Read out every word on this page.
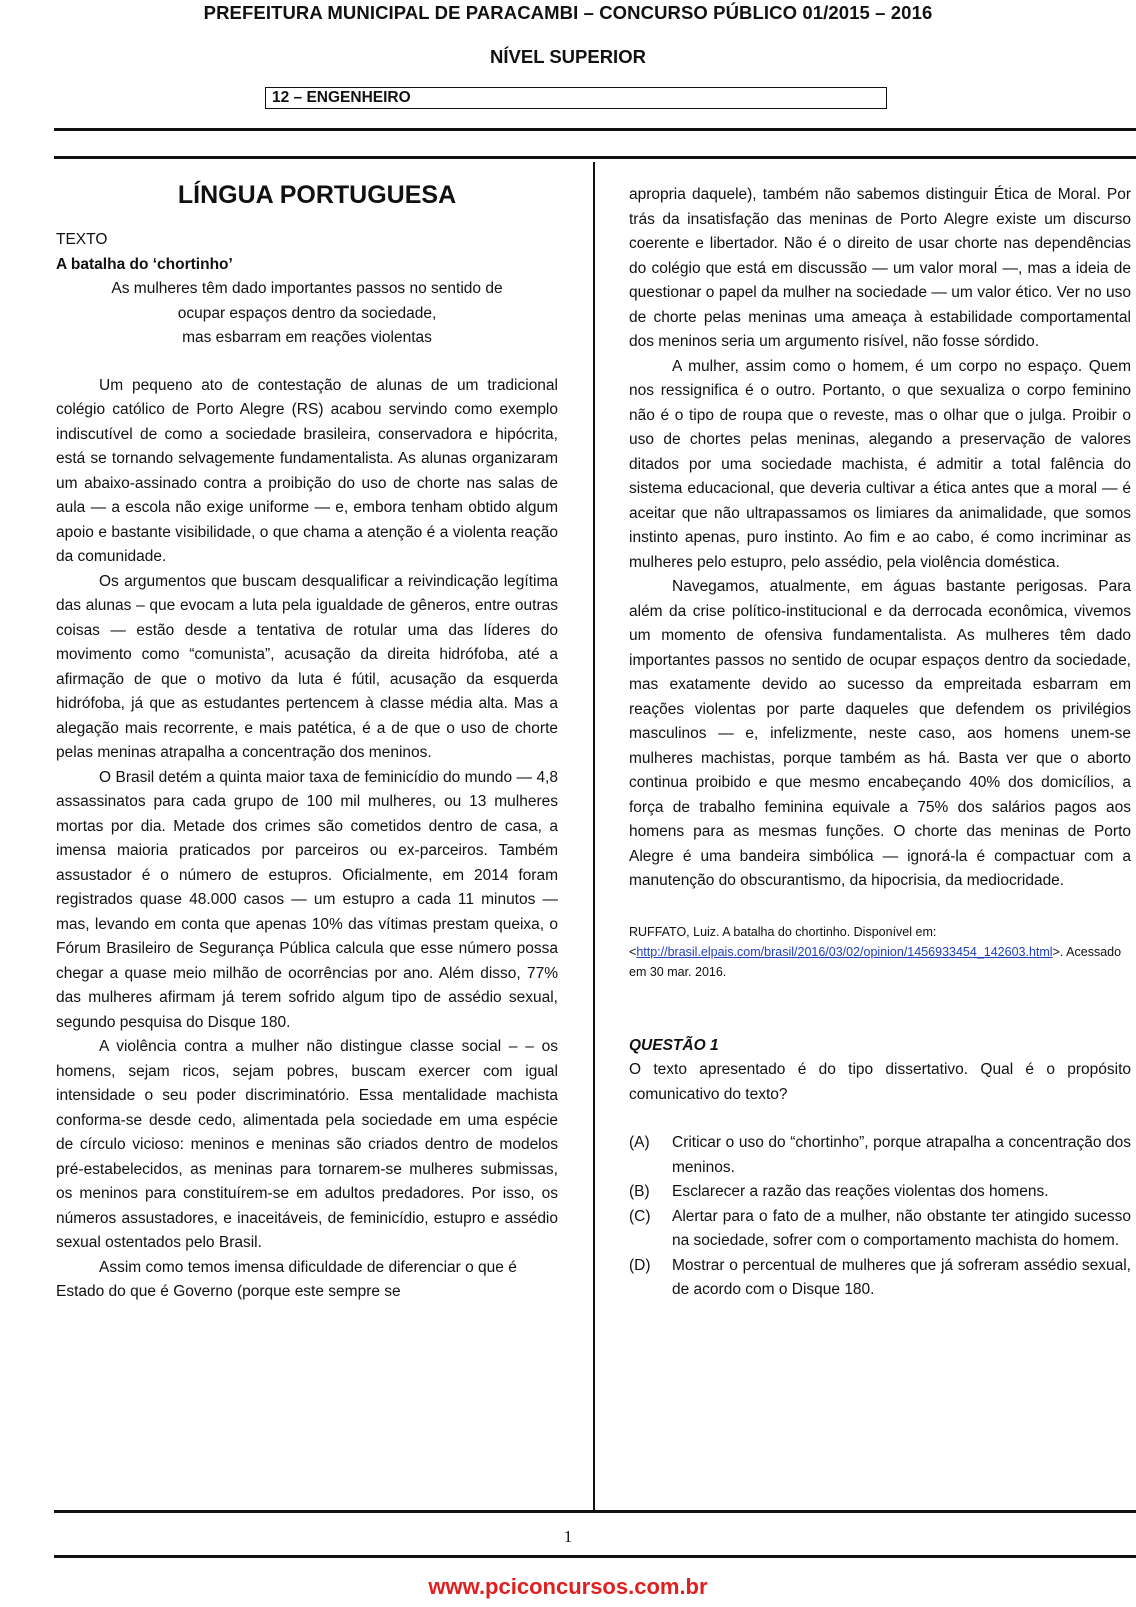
PREFEITURA MUNICIPAL DE PARACAMBI – CONCURSO PÚBLICO 01/2015 – 2016
NÍVEL SUPERIOR
12 – ENGENHEIRO
LÍNGUA PORTUGUESA

TEXTO

A batalha do ‘chortinho’

As mulheres têm dado importantes passos no sentido de
ocupar espaços dentro da sociedade,
mas esbarram em reações violentas

Um pequeno ato de contestação de alunas de um tradicional colégio católico de Porto Alegre (RS) acabou servindo como exemplo indiscutível de como a sociedade brasileira, conservadora e hipócrita, está se tornando selvagemente fundamentalista. As alunas organizaram um abaixo-assinado contra a proibição do uso de chorte nas salas de aula — a escola não exige uniforme — e, embora tenham obtido algum apoio e bastante visibilidade, o que chama a atenção é a violenta reação da comunidade.

Os argumentos que buscam desqualificar a reivindicação legítima das alunas – que evocam a luta pela igualdade de gêneros, entre outras coisas — estão desde a tentativa de rotular uma das líderes do movimento como “comunista”, acusação da direita hidrófoba, até a afirmação de que o motivo da luta é fútil, acusação da esquerda hidrófoba, já que as estudantes pertencem à classe média alta. Mas a alegação mais recorrente, e mais patética, é a de que o uso de chorte pelas meninas atrapalha a concentração dos meninos.

O Brasil detém a quinta maior taxa de feminicídio do mundo — 4,8 assassinatos para cada grupo de 100 mil mulheres, ou 13 mulheres mortas por dia. Metade dos crimes são cometidos dentro de casa, a imensa maioria praticados por parceiros ou ex-parceiros. Também assustador é o número de estupros. Oficialmente, em 2014 foram registrados quase 48.000 casos — um estupro a cada 11 minutos — mas, levando em conta que apenas 10% das vítimas prestam queixa, o Fórum Brasileiro de Segurança Pública calcula que esse número possa chegar a quase meio milhão de ocorrências por ano. Além disso, 77% das mulheres afirmam já terem sofrido algum tipo de assédio sexual, segundo pesquisa do Disque 180.

A violência contra a mulher não distingue classe social – – os homens, sejam ricos, sejam pobres, buscam exercer com igual intensidade o seu poder discriminatório. Essa mentalidade machista conforma-se desde cedo, alimentada pela sociedade em uma espécie de círculo vicioso: meninos e meninas são criados dentro de modelos pré-estabelecidos, as meninas para tornarem-se mulheres submissas, os meninos para constituírem-se em adultos predadores. Por isso, os números assustadores, e inaceitáveis, de feminicídio, estupro e assédio sexual ostentados pelo Brasil.

Assim como temos imensa dificuldade de diferenciar o que é Estado do que é Governo (porque este sempre se

apropria daquele), também não sabemos distinguir Ética de Moral. Por trás da insatisfação das meninas de Porto Alegre existe um discurso coerente e libertador. Não é o direito de usar chorte nas dependências do colégio que está em discussão — um valor moral —, mas a ideia de questionar o papel da mulher na sociedade — um valor ético. Ver no uso de chorte pelas meninas uma ameaça à estabilidade comportamental dos meninos seria um argumento risível, não fosse sórdido.

A mulher, assim como o homem, é um corpo no espaço. Quem nos ressignifica é o outro. Portanto, o que sexualiza o corpo feminino não é o tipo de roupa que o reveste, mas o olhar que o julga. Proibir o uso de chortes pelas meninas, alegando a preservação de valores ditados por uma sociedade machista, é admitir a total falência do sistema educacional, que deveria cultivar a ética antes que a moral — é aceitar que não ultrapassamos os limiares da animalidade, que somos instinto apenas, puro instinto. Ao fim e ao cabo, é como incriminar as mulheres pelo estupro, pelo assédio, pela violência doméstica.

Navegamos, atualmente, em águas bastante perigosas. Para além da crise político-institucional e da derrocada econômica, vivemos um momento de ofensiva fundamentalista. As mulheres têm dado importantes passos no sentido de ocupar espaços dentro da sociedade, mas exatamente devido ao sucesso da empreitada esbarram em reações violentas por parte daqueles que defendem os privilégios masculinos — e, infelizmente, neste caso, aos homens unem-se mulheres machistas, porque também as há. Basta ver que o aborto continua proibido e que mesmo encabeçando 40% dos domicílios, a força de trabalho feminina equivale a 75% dos salários pagos aos homens para as mesmas funções. O chorte das meninas de Porto Alegre é uma bandeira simbólica — ignorá-la é compactuar com a manutenção do obscurantismo, da hipocrisia, da mediocridade.

RUFFATO, Luiz. A batalha do chortinho. Disponível em:
<http://brasil.elpais.com/brasil/2016/03/02/opinion/1456933454_142603.html>. Acessado em 30 mar. 2016.
QUESTÃO 1
O texto apresentado é do tipo dissertativo. Qual é o propósito comunicativo do texto?
(A)	Criticar o uso do “chortinho”, porque atrapalha a concentração dos meninos.
(B)	Esclarecer a razão das reações violentas dos homens.
(C)	Alertar para o fato de a mulher, não obstante ter atingido sucesso na sociedade, sofrer com o comportamento machista do homem.
(D)	Mostrar o percentual de mulheres que já sofreram assédio sexual, de acordo com o Disque 180.
1
www.pciconcursos.com.br
